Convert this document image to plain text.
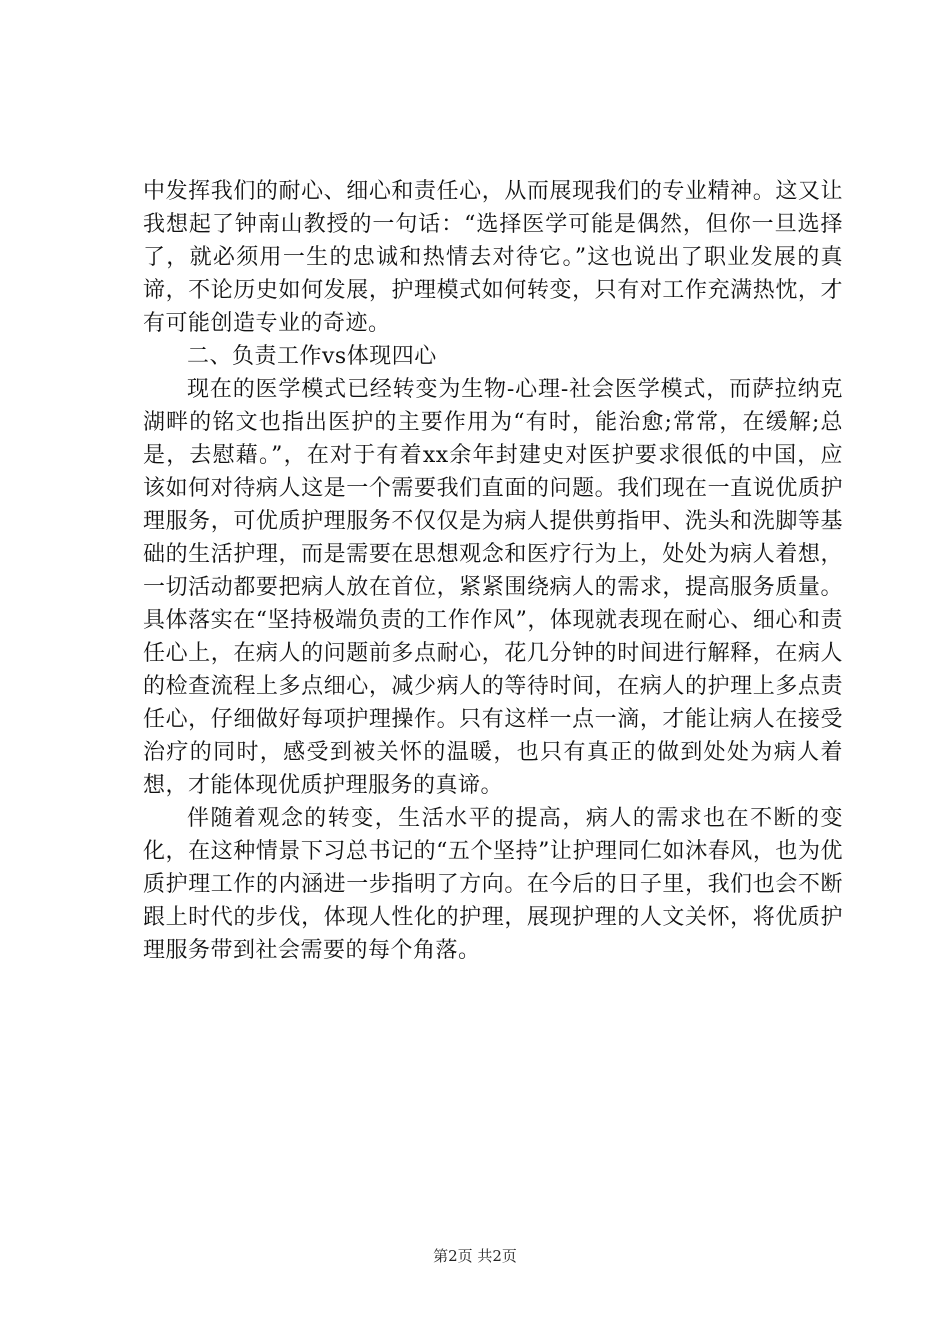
中发挥我们的耐心、细心和责任心，从而展现我们的专业精神。这又让我想起了钟南山教授的一句话：“选择医学可能是偶然，但你一旦选择了，就必须用一生的忠诚和热情去对待它。”这也说出了职业发展的真谛，不论历史如何发展，护理模式如何转变，只有对工作充满热忱，才有可能创造专业的奇迹。

二、负责工作vs体现四心

现在的医学模式已经转变为生物-心理-社会医学模式，而萨拉纳克湖畔的铭文也指出医护的主要作用为“有时，能治愈;常常，在缓解;总是，去慰藉。”，在对于有着xx余年封建史对医护要求很低的中国，应该如何对待病人这是一个需要我们直面的问题。我们现在一直说优质护理服务，可优质护理服务不仅仅是为病人提供剪指甲、洗头和洗脚等基础的生活护理，而是需要在思想观念和医疗行为上，处处为病人着想，一切活动都要把病人放在首位，紧紧围绕病人的需求，提高服务质量。具体落实在“坚持极端负责的工作作风”，体现就表现在耐心、细心和责任心上，在病人的问题前多点耐心，花几分钟的时间进行解释，在病人的检查流程上多点细心，减少病人的等待时间，在病人的护理上多点责任心，仔细做好每项护理操作。只有这样一点一滴，才能让病人在接受治疗的同时，感受到被关怀的温暖，也只有真正的做到处处为病人着想，才能体现优质护理服务的真谛。

伴随着观念的转变，生活水平的提高，病人的需求也在不断的变化，在这种情景下习总书记的“五个坚持”让护理同仁如沐春风，也为优质护理工作的内涵进一步指明了方向。在今后的日子里，我们也会不断跟上时代的步伐，体现人性化的护理，展现护理的人文关怀，将优质护理服务带到社会需要的每个角落。

第2页 共2页
